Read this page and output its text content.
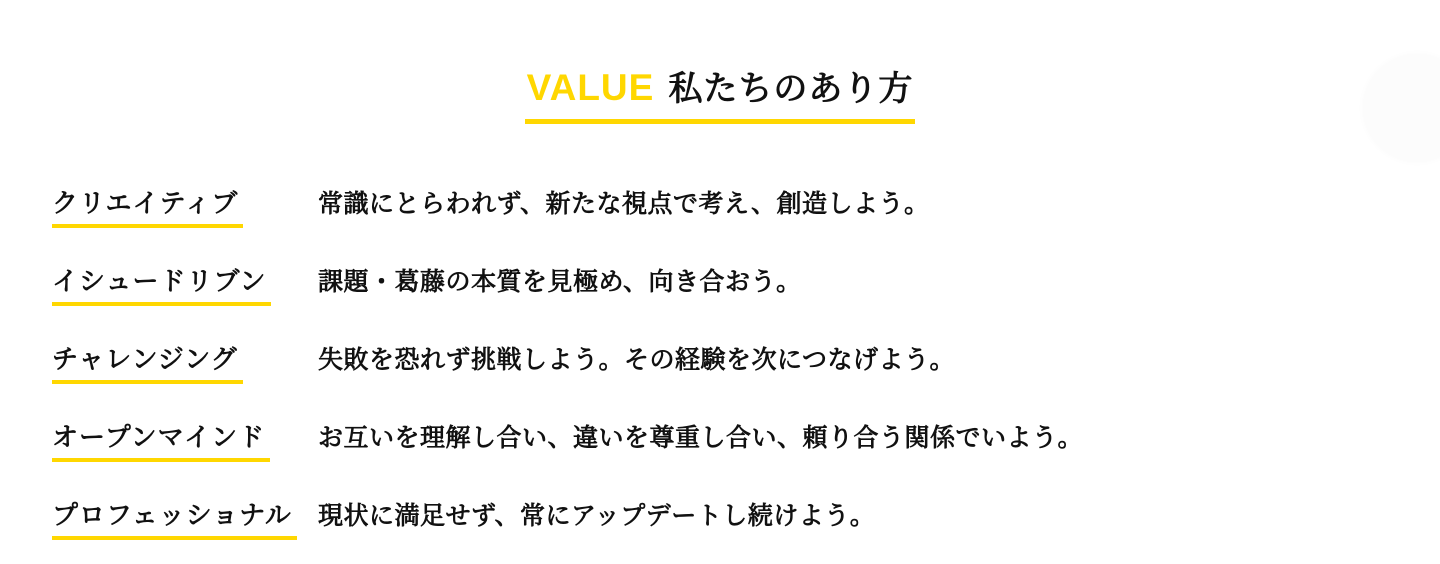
VALUE 私たちのあり方
クリエイティブ	常識にとらわれず、新たな視点で考え、創造しよう。
イシュードリブン	課題・葛藤の本質を見極め、向き合おう。
チャレンジング	失敗を恐れず挑戦しよう。その経験を次につなげよう。
オープンマインド	お互いを理解し合い、違いを尊重し合い、頼り合う関係でいよう。
プロフェッショナル	現状に満足せず、常にアップデートし続けよう。
